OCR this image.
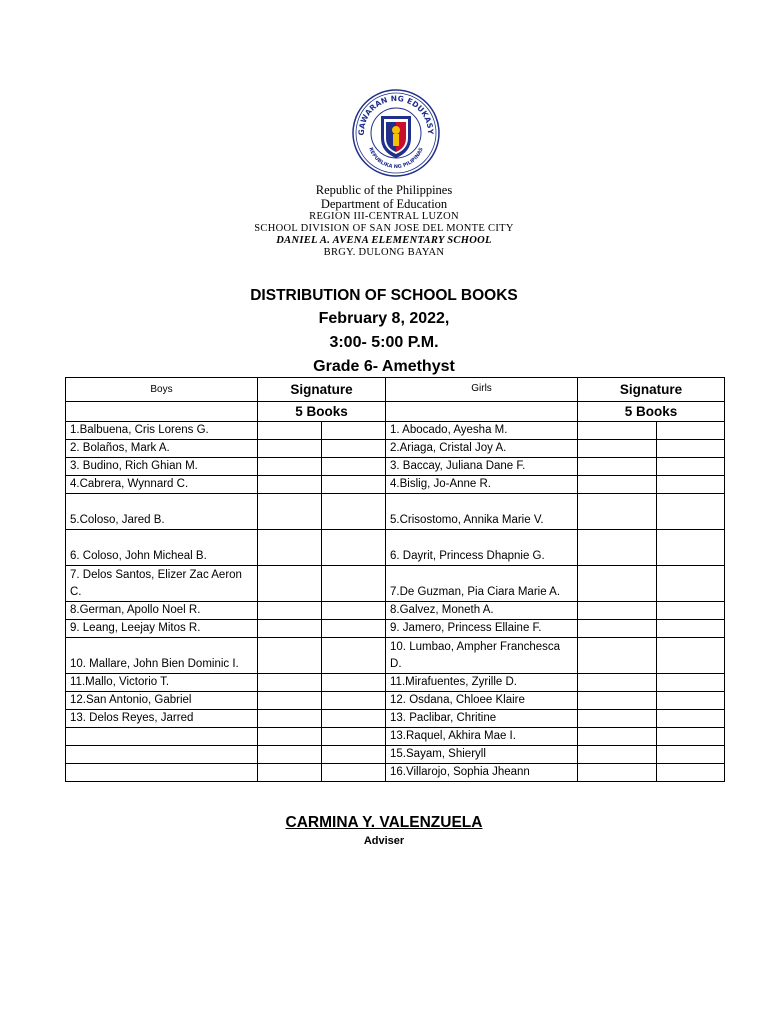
GAWARAN NG EDUKASY
REPUBLIKA NG PILIPINAS
Republic of the Philippines
Department of Education
REGION III-CENTRAL LUZON
SCHOOL DIVISION OF SAN JOSE DEL MONTE CITY
DANIEL A. AVENA ELEMENTARY SCHOOL
BRGY. DULONG BAYAN
DISTRIBUTION OF SCHOOL BOOKS
February 8, 2022,
3:00- 5:00 P.M.
Grade 6- Amethyst
Boys	Signature		Girls	Signature	
	5 Books			5 Books	
1.Balbuena, Cris Lorens G.			1. Abocado, Ayesha M.		
2. Bolaños, Mark A.			2.Ariaga, Cristal Joy A.		
3. Budino, Rich Ghian M.			3. Baccay, Juliana Dane F.		
4.Cabrera, Wynnard C.			4.Bislig, Jo-Anne R.		
5.Coloso, Jared B.			5.Crisostomo, Annika Marie V.		
6. Coloso, John Micheal B.			6. Dayrit, Princess Dhapnie G.		
7. Delos Santos, Elizer Zac Aeron C.			7.De Guzman, Pia Ciara Marie A.		
8.German, Apollo Noel R.			8.Galvez, Moneth A.		
9. Leang, Leejay Mitos R.			9. Jamero, Princess Ellaine F.		
10. Mallare, John Bien Dominic I.			10. Lumbao, Ampher Franchesca D.		
11.Mallo, Victorio T.			11.Mirafuentes, Zyrille D.		
12.San Antonio, Gabriel			12. Osdana, Chloee Klaire		
13. Delos Reyes, Jarred			13. Paclibar, Chritine		
			13.Raquel, Akhira Mae I.		
			15.Sayam, Shieryll		
			16.Villarojo, Sophia Jheann		
CARMINA Y. VALENZUELA
Adviser
